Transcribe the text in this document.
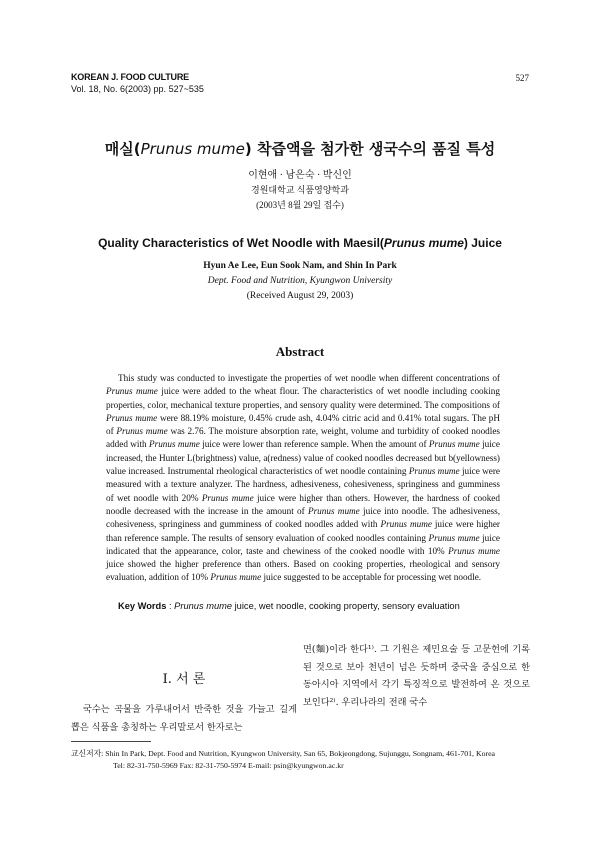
KOREAN J. FOOD CULTURE
Vol. 18, No. 6(2003) pp. 527~535
527
매실(Prunus mume) 착즙액을 첨가한 생국수의 품질 특성
이현애 · 남은숙 · 박신인
경원대학교 식품영양학과
(2003년 8월 29일 접수)
Quality Characteristics of Wet Noodle with Maesil(Prunus mume) Juice
Hyun Ae Lee, Eun Sook Nam, and Shin In Park
Dept. Food and Nutrition, Kyungwon University
(Received August 29, 2003)
Abstract

This study was conducted to investigate the properties of wet noodle when different concentrations of Prunus mume juice were added to the wheat flour. The characteristics of wet noodle including cooking properties, color, mechanical texture properties, and sensory quality were determined. The compositions of Prunus mume were 88.19% moisture, 0.45% crude ash, 4.04% citric acid and 0.41% total sugars. The pH of Prunus mume was 2.76. The moisture absorption rate, weight, volume and turbidity of cooked noodles added with Prunus mume juice were lower than reference sample. When the amount of Prunus mume juice increased, the Hunter L(brightness) value, a(redness) value of cooked noodles decreased but b(yellowness) value increased. Instrumental rheological characteristics of wet noodle containing Prunus mume juice were measured with a texture analyzer. The hardness, adhesiveness, cohesiveness, springiness and gumminess of wet noodle with 20% Prunus mume juice were higher than others. However, the hardness of cooked noodle decreased with the increase in the amount of Prunus mume juice into noodle. The adhesiveness, cohesiveness, springiness and gumminess of cooked noodles added with Prunus mume juice were higher than reference sample. The results of sensory evaluation of cooked noodles containing Prunus mume juice indicated that the appearance, color, taste and chewiness of the cooked noodle with 10% Prunus mume juice showed the higher preference than others. Based on cooking properties, rheological and sensory evaluation, addition of 10% Prunus mume juice suggested to be acceptable for processing wet noodle.

Key Words : Prunus mume juice, wet noodle, cooking property, sensory evaluation
I. 서 론

국수는 곡물을 가루내어서 반죽한 것을 가늘고 길게 뽑은 식품을 총칭하는 우리말로서 한자로는

면(麵)이라 한다¹⁾. 그 기원은 제민요술 등 고문헌에 기록된 것으로 보아 천년이 넘은 듯하며 중국을 중심으로 한 동아시아 지역에서 각기 특징적으로 발전하여 온 것으로 보인다²⁾. 우리나라의 전래 국수

교신저자: Shin In Park, Dept. Food and Nutrition, Kyungwon University, San 65, Bokjeongdong, Sujunggu, Songnam, 461-701, Korea
Tel: 82-31-750-5969 Fax: 82-31-750-5974 E-mail: psin@kyungwon.ac.kr
